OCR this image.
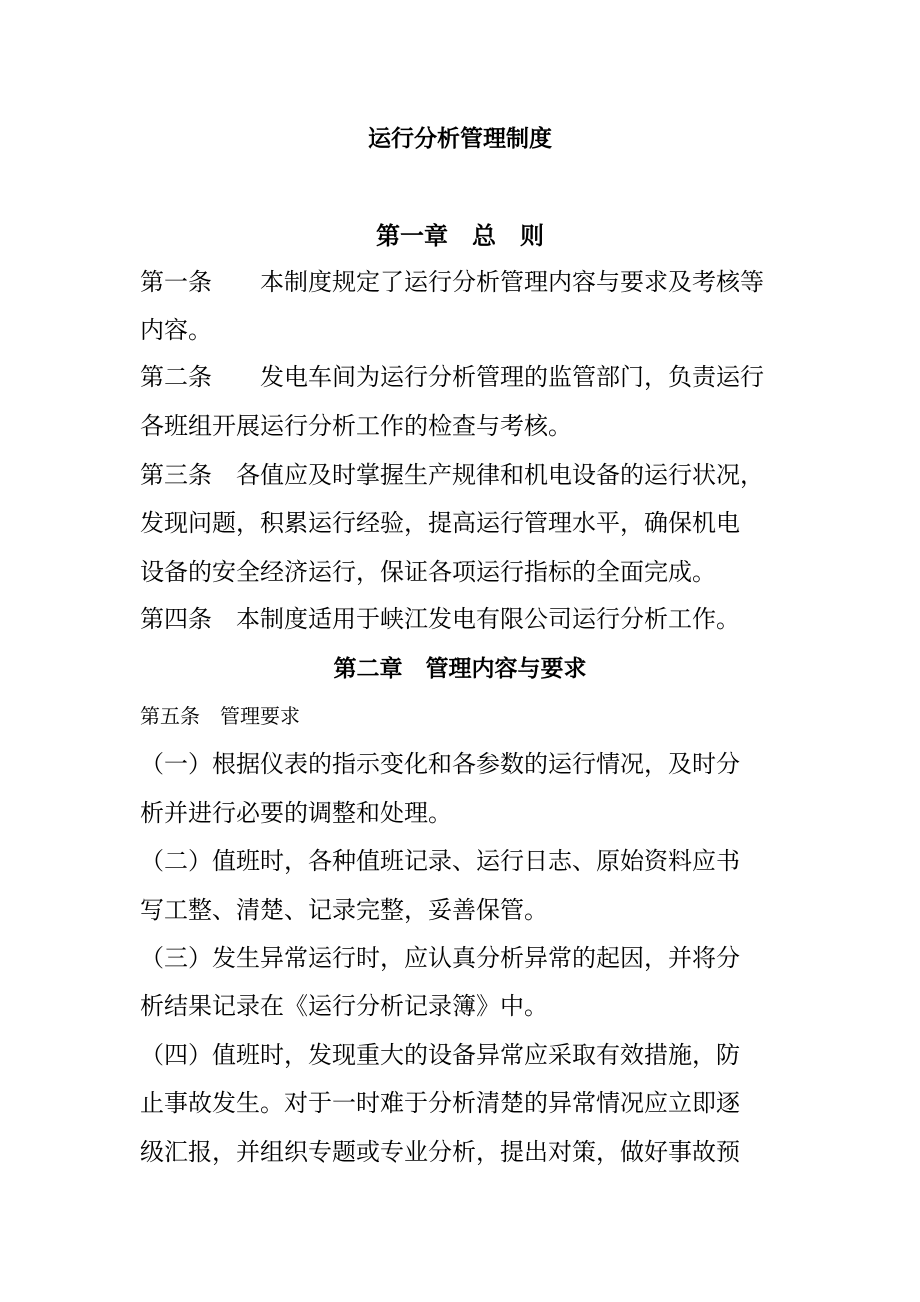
运行分析管理制度
第一章　总　则
第一条　　本制度规定了运行分析管理内容与要求及考核等
内容。
第二条　　发电车间为运行分析管理的监管部门，负责运行
各班组开展运行分析工作的检查与考核。
第三条　各值应及时掌握生产规律和机电设备的运行状况，
发现问题，积累运行经验，提高运行管理水平，确保机电
设备的安全经济运行，保证各项运行指标的全面完成。
第四条　本制度适用于峡江发电有限公司运行分析工作。
第二章　管理内容与要求
第五条　管理要求
（一）根据仪表的指示变化和各参数的运行情况，及时分
析并进行必要的调整和处理。
（二）值班时，各种值班记录、运行日志、原始资料应书
写工整、清楚、记录完整，妥善保管。
（三）发生异常运行时，应认真分析异常的起因，并将分
析结果记录在《运行分析记录簿》中。
（四）值班时，发现重大的设备异常应采取有效措施，防
止事故发生。对于一时难于分析清楚的异常情况应立即逐
级汇报，并组织专题或专业分析，提出对策，做好事故预
